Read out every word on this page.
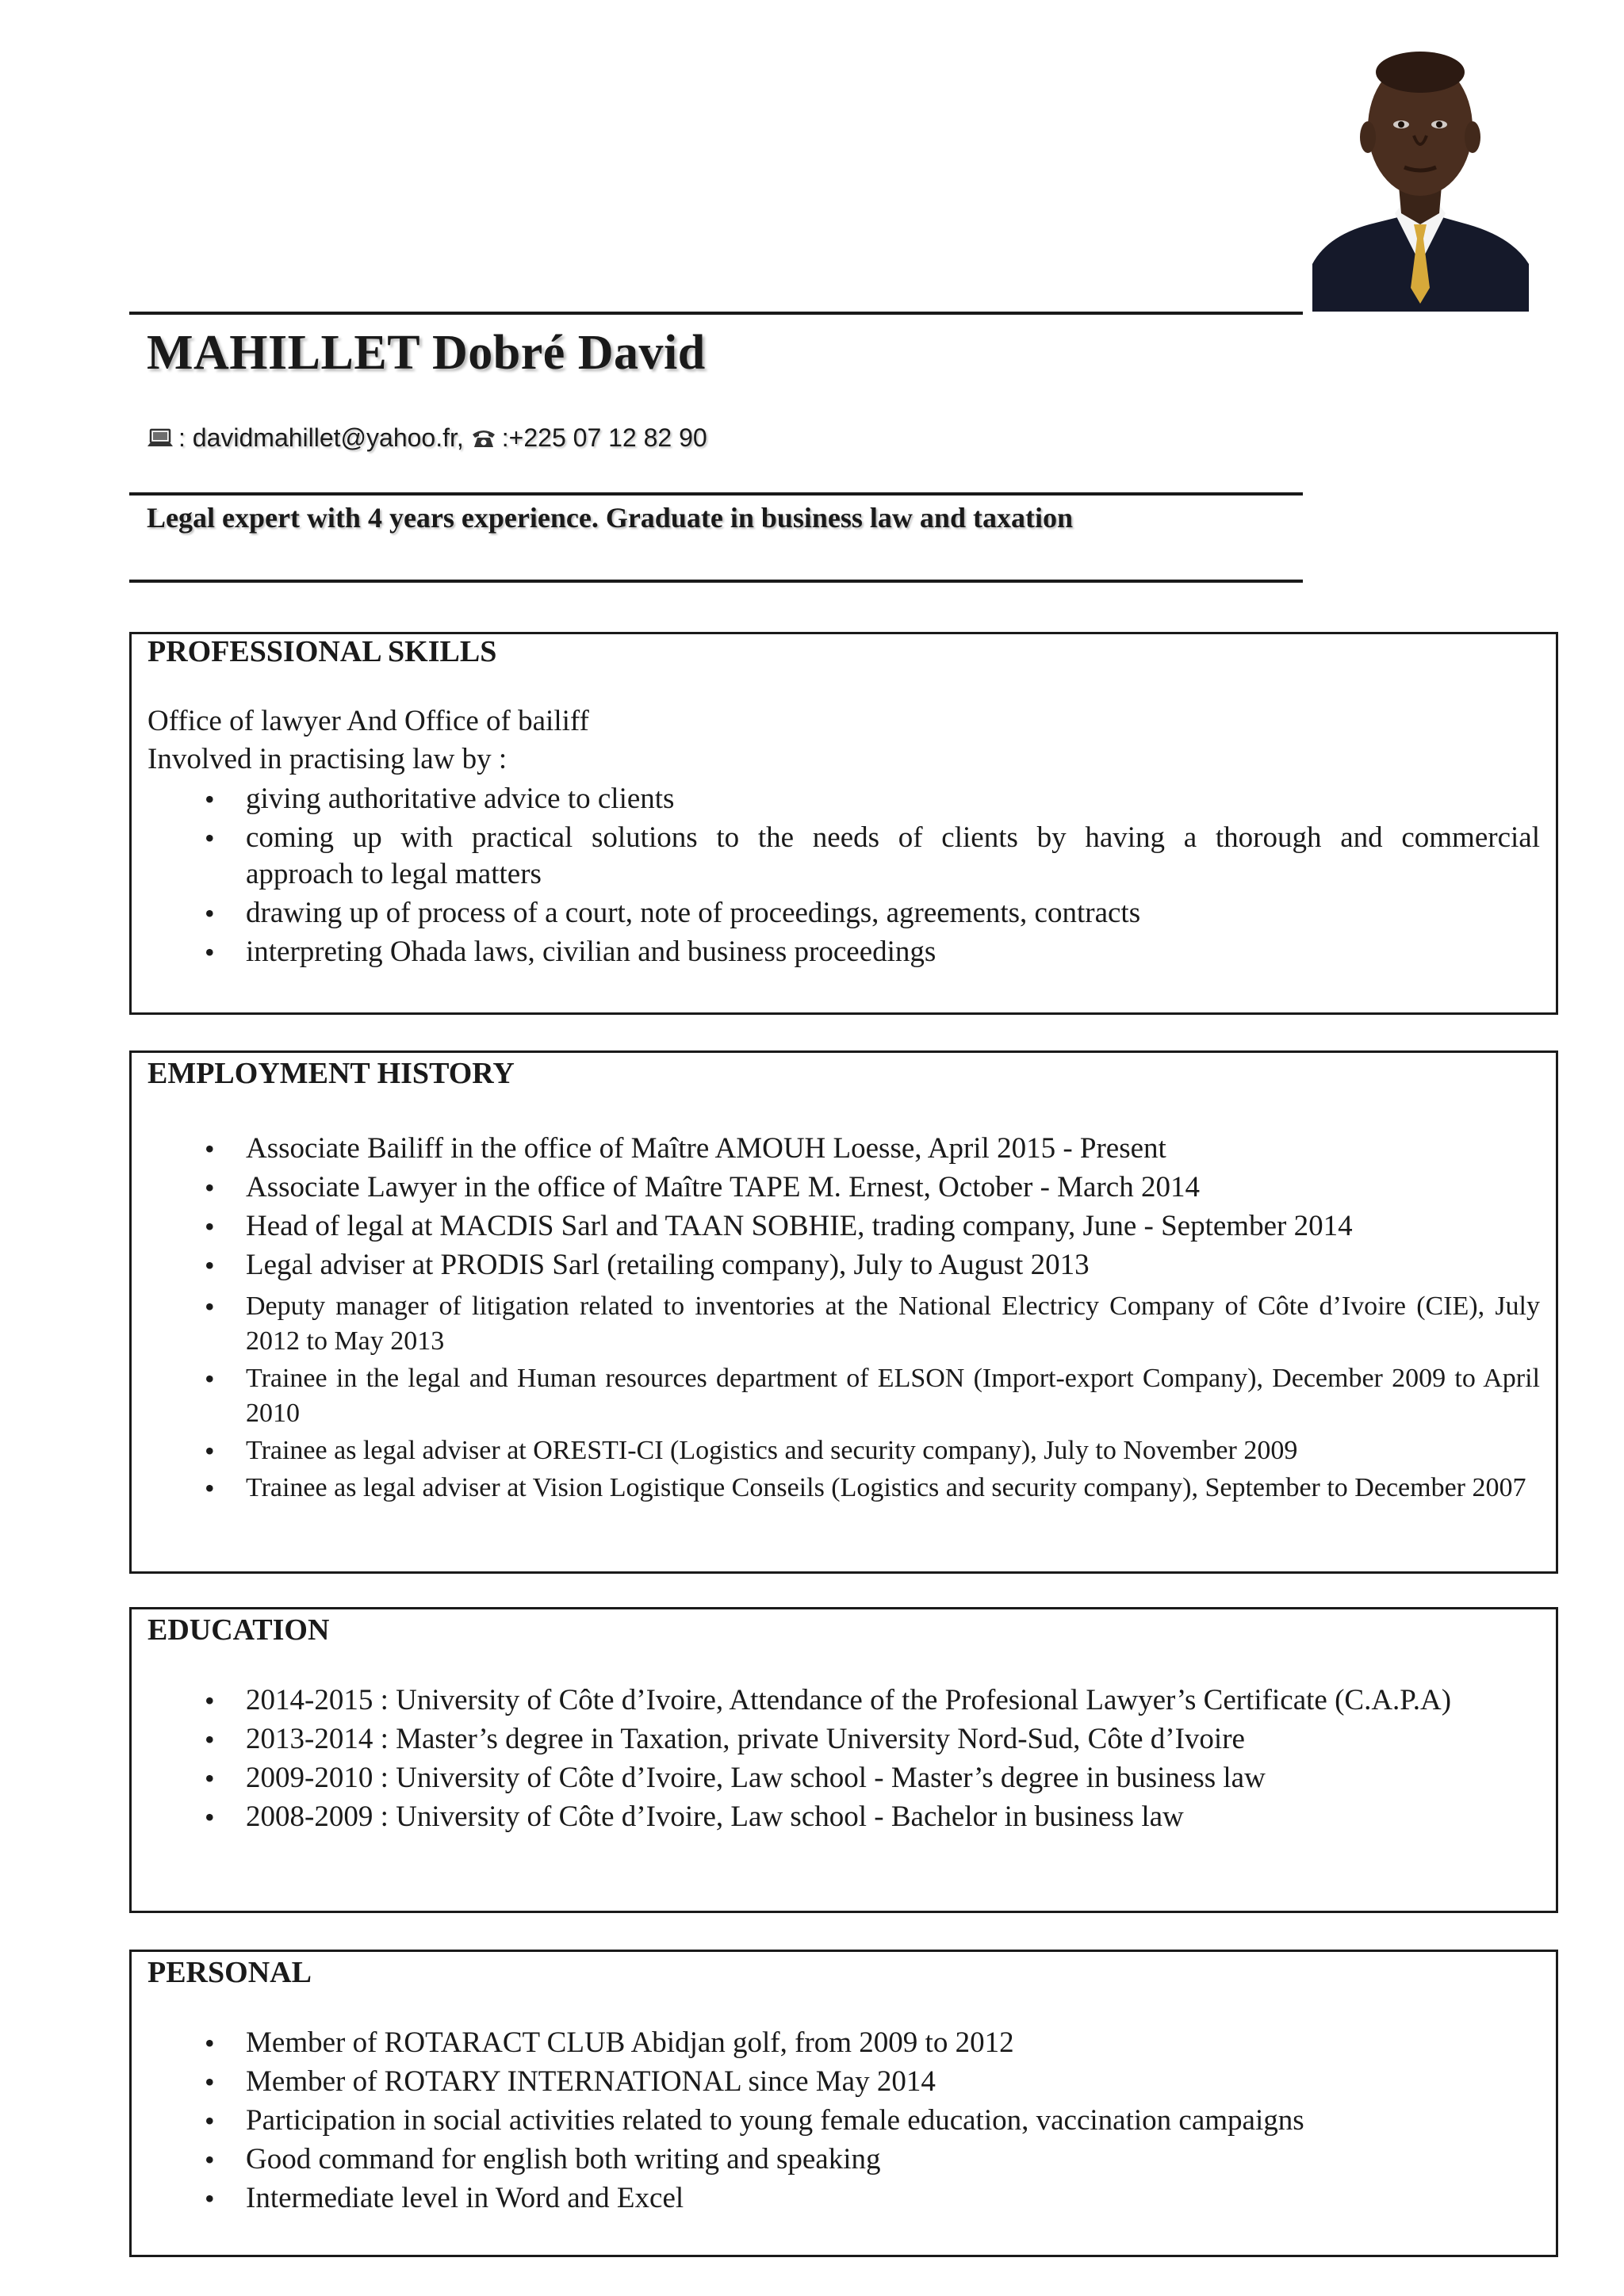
MAHILLET Dobré David
: davidmahillet@yahoo.fr, : +225 07 12 82 90
Legal expert with 4 years experience. Graduate in business law and taxation
PROFESSIONAL SKILLS
Office of lawyer And Office of bailiff
Involved in practising law by :
• giving authoritative advice to clients
• coming up with practical solutions to the needs of clients by having a thorough and commercial
approach to legal matters
• drawing up of process of a court, note of proceedings, agreements, contracts
• interpreting Ohada laws, civilian and business proceedings
EMPLOYMENT HISTORY
• Associate Bailiff in the office of Maître AMOUH Loesse, April 2015 - Present
• Associate Lawyer in the office of Maître TAPE M. Ernest, October - March 2014
• Head of legal at MACDIS Sarl and TAAN SOBHIE, trading company, June - September 2014
• Legal adviser at PRODIS Sarl (retailing company), July to August 2013
• Deputy manager of litigation related to inventories at the National Electricy Company of Côte d’Ivoire (CIE), July 2012 to May 2013
• Trainee in the legal and Human resources department of ELSON (Import-export Company), December 2009 to April 2010
• Trainee as legal adviser at ORESTI-CI (Logistics and security company), July to November 2009
• Trainee as legal adviser at Vision Logistique Conseils (Logistics and security company), September to December 2007
EDUCATION
• 2014-2015 : University of Côte d’Ivoire, Attendance of the Profesional Lawyer’s Certificate (C.A.P.A)
• 2013-2014 : Master’s degree in Taxation, private University Nord-Sud, Côte d’Ivoire
• 2009-2010 : University of Côte d’Ivoire, Law school - Master’s degree in business law
• 2008-2009 : University of Côte d’Ivoire, Law school - Bachelor in business law
PERSONAL
• Member of ROTARACT CLUB Abidjan golf, from 2009 to 2012
• Member of ROTARY INTERNATIONAL since May 2014
• Participation in social activities related to young female education, vaccination campaigns
• Good command for english both writing and speaking
• Intermediate level in Word and Excel
